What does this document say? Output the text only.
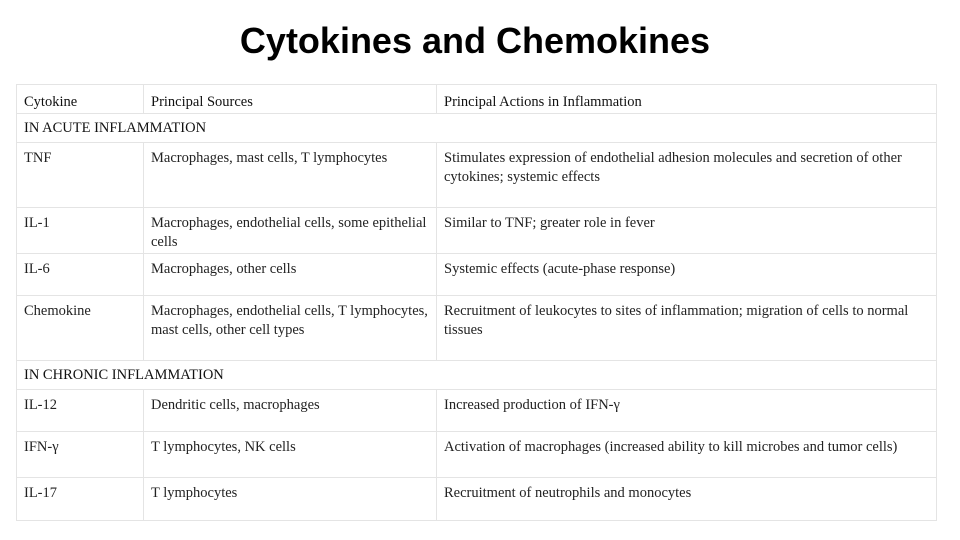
Cytokines and Chemokines
Cytokine	Principal Sources	Principal Actions in Inflammation
IN ACUTE INFLAMMATION		
TNF	Macrophages, mast cells, T lymphocytes	Stimulates expression of endothelial adhesion molecules and secretion of other cytokines; systemic effects
IL-1	Macrophages, endothelial cells, some epithelial cells	Similar to TNF; greater role in fever
IL-6	Macrophages, other cells	Systemic effects (acute-phase response)
Chemokine	Macrophages, endothelial cells, T lymphocytes, mast cells, other cell types	Recruitment of leukocytes to sites of inflammation; migration of cells to normal tissues
IN CHRONIC INFLAMMATION		
IL-12	Dendritic cells, macrophages	Increased production of IFN-γ
IFN-γ	T lymphocytes, NK cells	Activation of macrophages (increased ability to kill microbes and tumor cells)
IL-17	T lymphocytes	Recruitment of neutrophils and monocytes
